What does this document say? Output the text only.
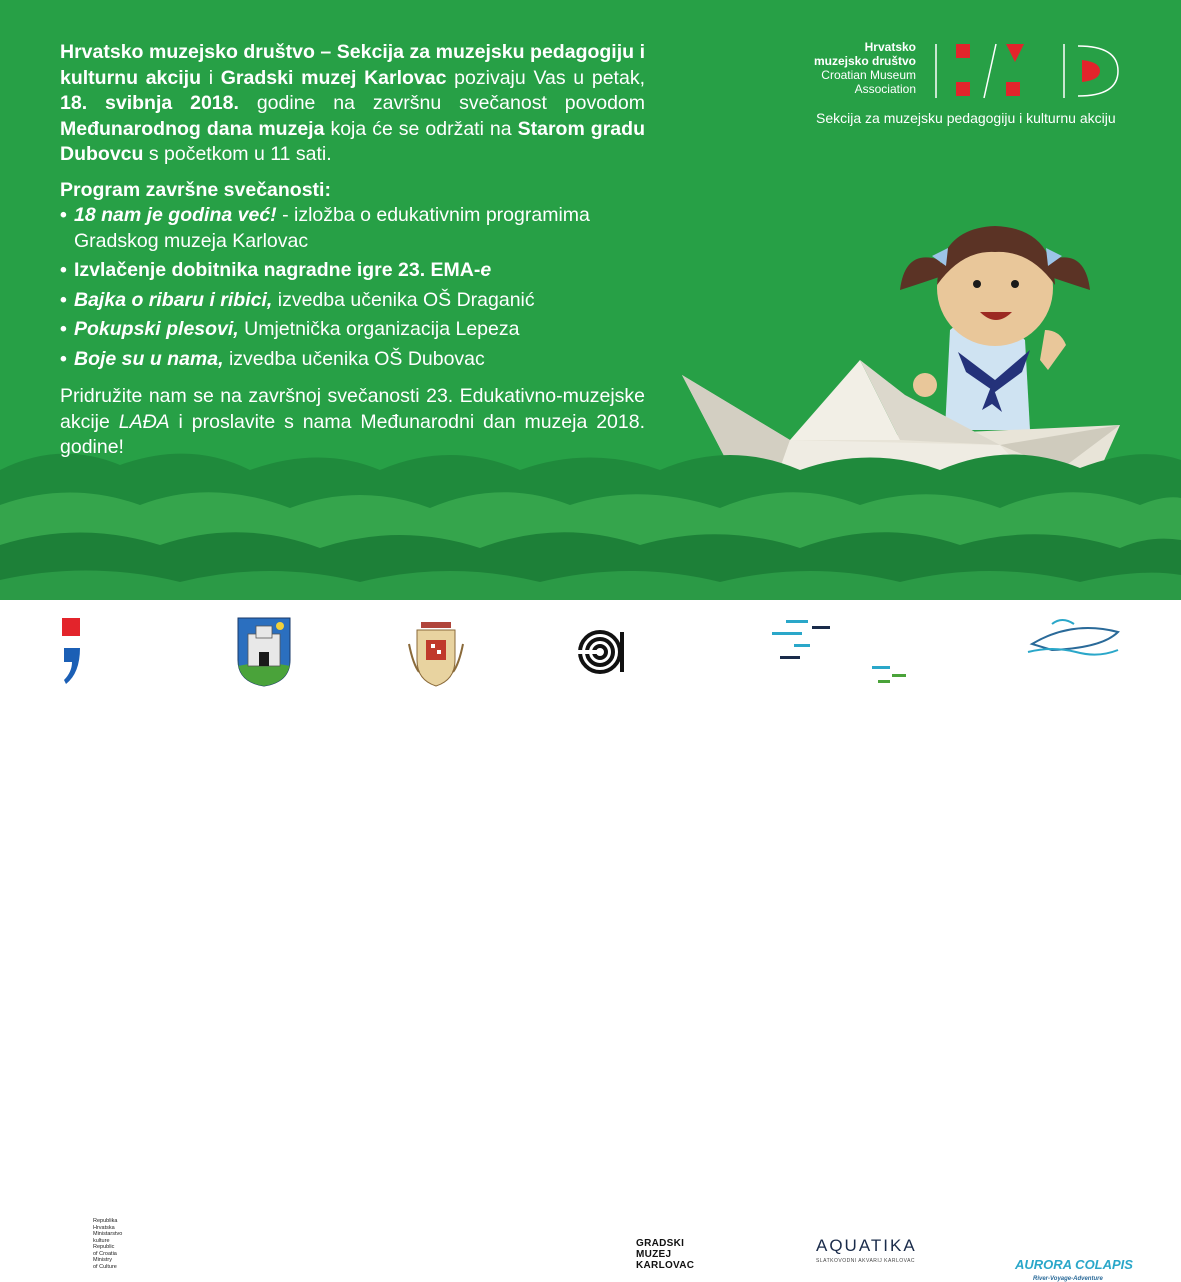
Hrvatsko muzejsko društvo – Sekcija za muzejsku pedagogiju i kulturnu akciju i Gradski muzej Karlovac pozivaju Vas u petak, 18. svibnja 2018. godine na završnu svečanost povodom Međunarodnog dana muzeja koja će se održati na Starom gradu Dubovcu s početkom u 11 sati.

Program završne svečanosti:

• 18 nam je godina već! - izložba o edukativnim programima Gradskog muzeja Karlovac
• Izvlačenje dobitnika nagradne igre 23. EMA-e
• Bajka o ribaru i ribici, izvedba učenika OŠ Draganić
• Pokupski plesovi, Umjetnička organizacija Lepeza
• Boje su u nama, izvedba učenika OŠ Dubovac

Pridružite nam se na završnoj svečanosti 23. Edukativno-muzejske akcije LAĐA i proslavite s nama Međunarodni dan muzeja 2018. godine!

Hrvatsko
muzejsko društvo
Croatian Museum
Association
Sekcija za muzejsku pedagogiju i kulturnu akciju
Republika
Hrvatska
Ministarstvo
kulture
Republic
of Croatia
Ministry
of Culture
GRADSKI
MUZEJ
KARLOVAC
AQUATIKA
SLATKOVODNI AKVARIJ KARLOVAC	AURORA COLAPIS
River-Voyage-Adventure
